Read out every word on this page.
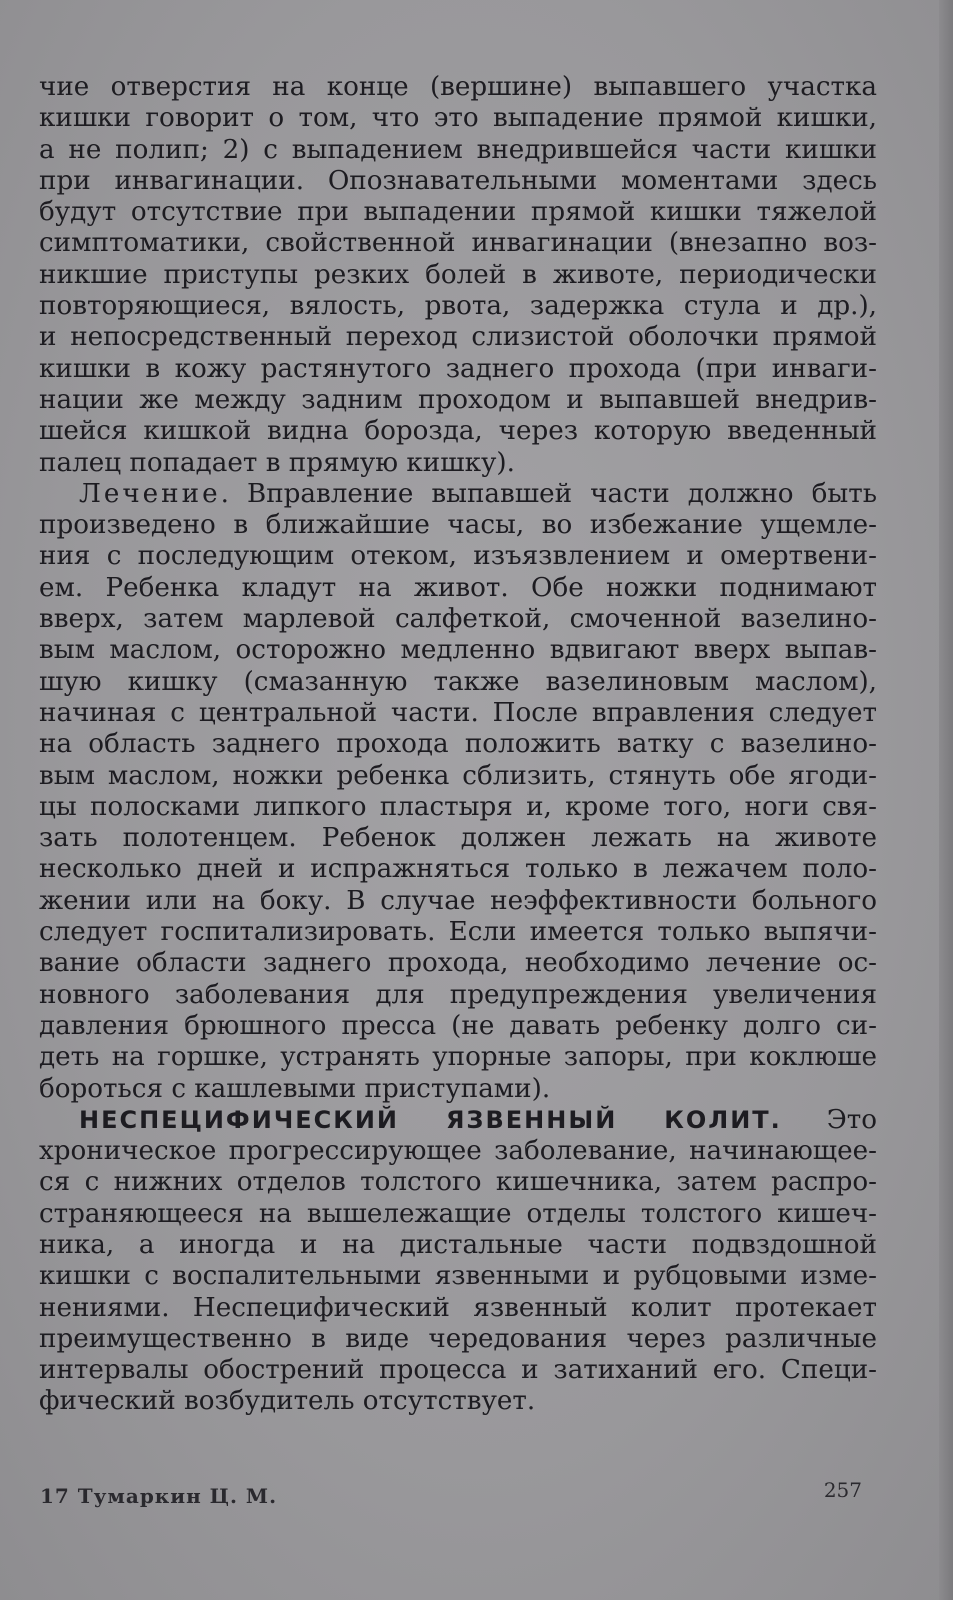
чие отверстия на конце (вершине) выпавшего участка
кишки говорит о том, что это выпадение прямой кишки,
а не полип; 2) с выпадением внедрившейся части кишки
при инвагинации. Опознавательными моментами здесь
будут отсутствие при выпадении прямой кишки тяжелой
симптоматики, свойственной инвагинации (внезапно воз-
никшие приступы резких болей в животе, периодически
повторяющиеся, вялость, рвота, задержка стула и др.),
и непосредственный переход слизистой оболочки прямой
кишки в кожу растянутого заднего прохода (при инваги-
нации же между задним проходом и выпавшей внедрив-
шейся кишкой видна борозда, через которую введенный
палец попадает в прямую кишку).
Лечение. Вправление выпавшей части должно быть
произведено в ближайшие часы, во избежание ущемле-
ния с последующим отеком, изъязвлением и омертвени-
ем. Ребенка кладут на живот. Обе ножки поднимают
вверх, затем марлевой салфеткой, смоченной вазелино-
вым маслом, осторожно медленно вдвигают вверх выпав-
шую кишку (смазанную также вазелиновым маслом),
начиная с центральной части. После вправления следует
на область заднего прохода положить ватку с вазелино-
вым маслом, ножки ребенка сблизить, стянуть обе ягоди-
цы полосками липкого пластыря и, кроме того, ноги свя-
зать полотенцем. Ребенок должен лежать на животе
несколько дней и испражняться только в лежачем поло-
жении или на боку. В случае неэффективности больного
следует госпитализировать. Если имеется только выпячи-
вание области заднего прохода, необходимо лечение ос-
новного заболевания для предупреждения увеличения
давления брюшного пресса (не давать ребенку долго си-
деть на горшке, устранять упорные запоры, при коклюше
бороться с кашлевыми приступами).
НЕСПЕЦИФИЧЕСКИЙ ЯЗВЕННЫЙ КОЛИТ. Это
хроническое прогрессирующее заболевание, начинающее-
ся с нижних отделов толстого кишечника, затем распро-
страняющееся на вышележащие отделы толстого кишеч-
ника, а иногда и на дистальные части подвздошной
кишки с воспалительными язвенными и рубцовыми изме-
нениями. Неспецифический язвенный колит протекает
преимущественно в виде чередования через различные
интервалы обострений процесса и затиханий его. Специ-
фический возбудитель отсутствует.
17 Тумаркин Ц. М.	257
